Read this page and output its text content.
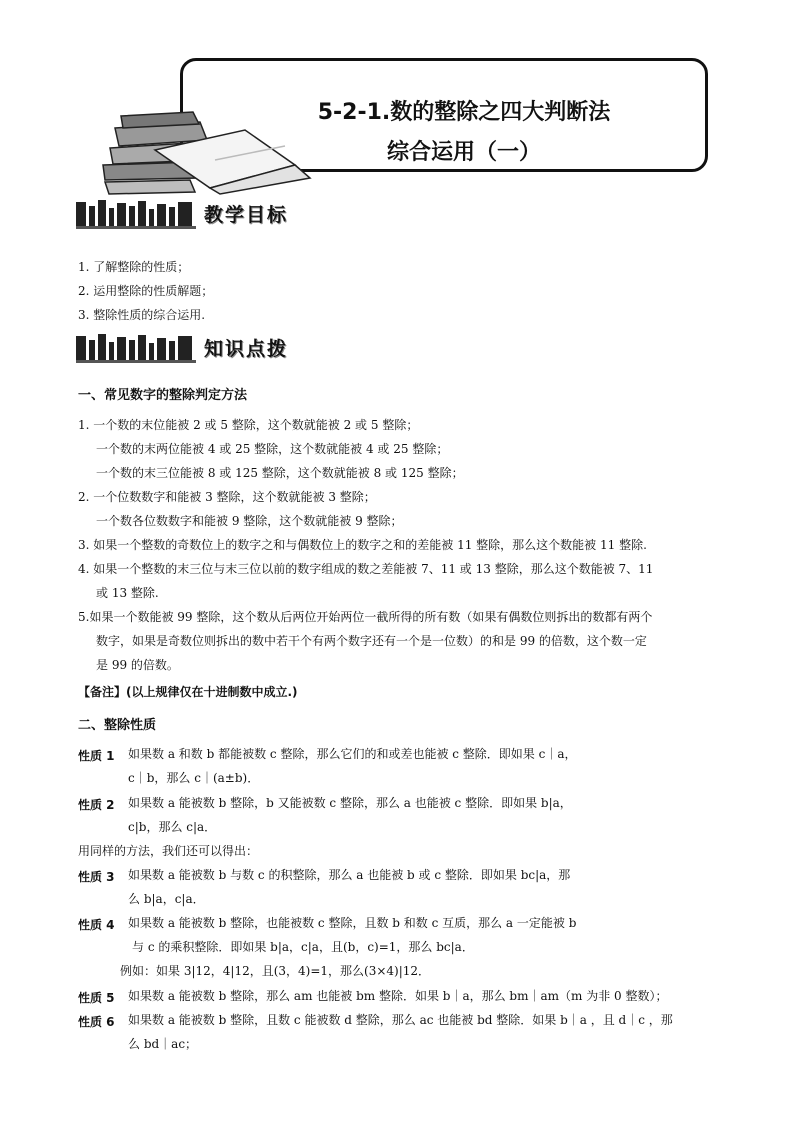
5-2-1.数的整除之四大判断法
综合运用（一）
教学目标
1. 了解整除的性质；
2. 运用整除的性质解题；
3. 整除性质的综合运用.
知识点拨
一、常见数字的整除判定方法
1. 一个数的末位能被 2 或 5 整除，这个数就能被 2 或 5 整除；
一个数的末两位能被 4 或 25 整除，这个数就能被 4 或 25 整除；
一个数的末三位能被 8 或 125 整除，这个数就能被 8 或 125 整除；
2. 一个位数数字和能被 3 整除，这个数就能被 3 整除；
一个数各位数数字和能被 9 整除，这个数就能被 9 整除；
3. 如果一个整数的奇数位上的数字之和与偶数位上的数字之和的差能被 11 整除，那么这个数能被 11 整除.
4. 如果一个整数的末三位与末三位以前的数字组成的数之差能被 7、11 或 13 整除，那么这个数能被 7、11
或 13 整除.
5.如果一个数能被 99 整除，这个数从后两位开始两位一截所得的所有数（如果有偶数位则拆出的数都有两个
数字，如果是奇数位则拆出的数中若干个有两个数字还有一个是一位数）的和是 99 的倍数，这个数一定
是 99 的倍数。
【备注】(以上规律仅在十进制数中成立.)
二、整除性质
性质 1 如果数 a 和数 b 都能被数 c 整除，那么它们的和或差也能被 c 整除．即如果 c｜a，
c｜b，那么 c｜(a±b)．
性质 2 如果数 a 能被数 b 整除，b 又能被数 c 整除，那么 a 也能被 c 整除．即如果 b|a，
c|b，那么 c|a．
用同样的方法，我们还可以得出：
性质 3 如果数 a 能被数 b 与数 c 的积整除，那么 a 也能被 b 或 c 整除．即如果 bc|a，那
么 b|a，c|a．
性质 4 如果数 a 能被数 b 整除，也能被数 c 整除，且数 b 和数 c 互质，那么 a 一定能被 b
与 c 的乘积整除．即如果 b|a，c|a，且(b，c)=1，那么 bc|a．
例如：如果 3|12，4|12，且(3，4)=1，那么(3×4)|12．
性质 5 如果数 a 能被数 b 整除，那么 am 也能被 bm 整除．如果 b｜a，那么 bm｜am（m 为非 0 整数）；
性质 6 如果数 a 能被数 b 整除，且数 c 能被数 d 整除，那么 ac 也能被 bd 整除．如果 b｜a ，且 d｜c ，那
么 bd｜ac；
